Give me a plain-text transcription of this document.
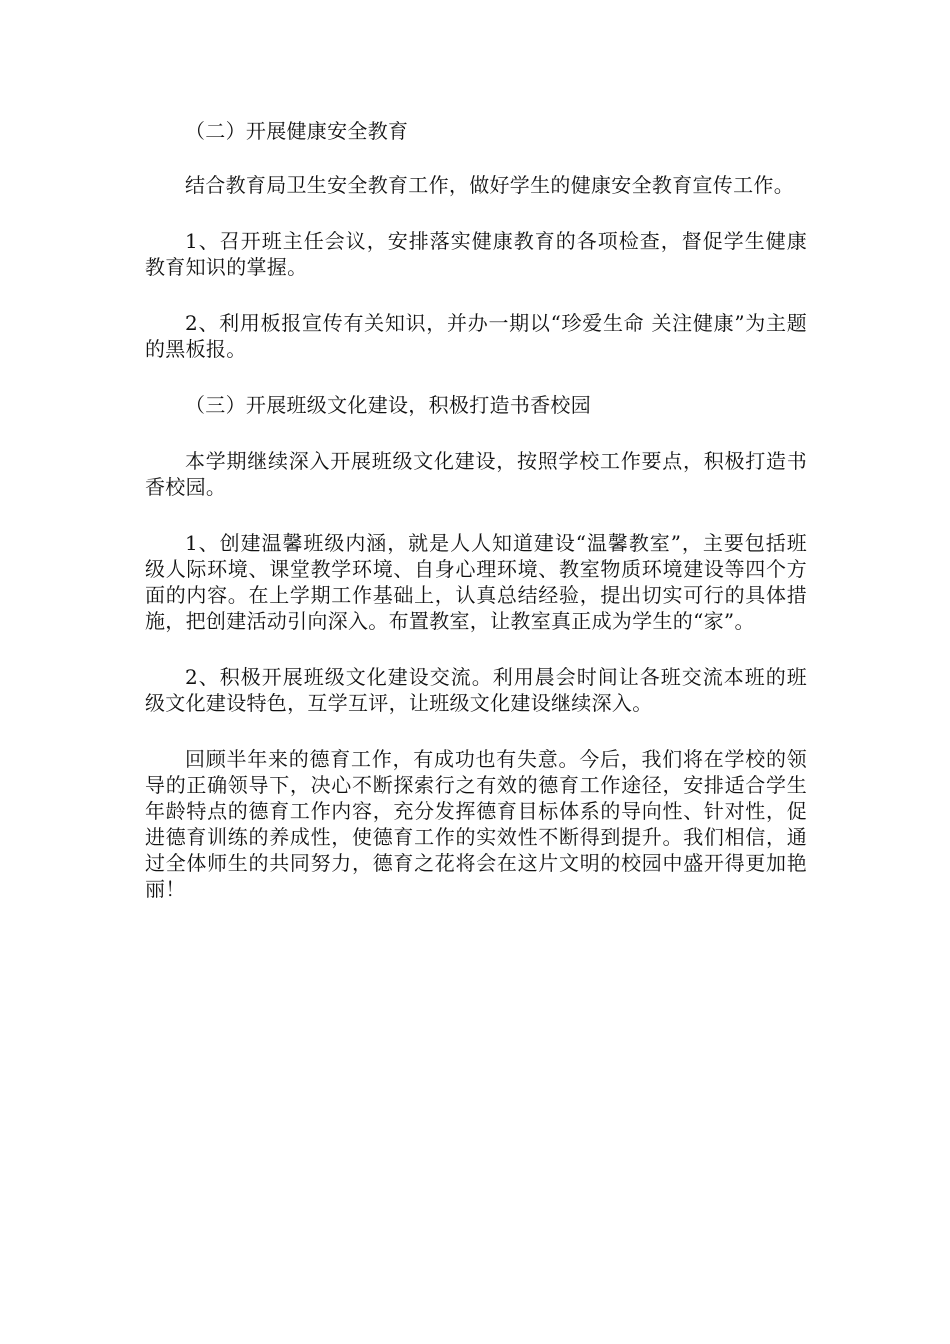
（二）开展健康安全教育

结合教育局卫生安全教育工作，做好学生的健康安全教育宣传工作。

1、召开班主任会议，安排落实健康教育的各项检查，督促学生健康教育知识的掌握。

2、利用板报宣传有关知识，并办一期以“珍爱生命 关注健康”为主题的黑板报。

（三）开展班级文化建设，积极打造书香校园

本学期继续深入开展班级文化建设，按照学校工作要点，积极打造书香校园。

1、创建温馨班级内涵，就是人人知道建设“温馨教室”，主要包括班级人际环境、课堂教学环境、自身心理环境、教室物质环境建设等四个方面的内容。在上学期工作基础上，认真总结经验，提出切实可行的具体措施，把创建活动引向深入。布置教室，让教室真正成为学生的“家”。

2、积极开展班级文化建设交流。利用晨会时间让各班交流本班的班级文化建设特色，互学互评，让班级文化建设继续深入。

回顾半年来的德育工作，有成功也有失意。今后，我们将在学校的领导的正确领导下，决心不断探索行之有效的德育工作途径，安排适合学生年龄特点的德育工作内容，充分发挥德育目标体系的导向性、针对性，促进德育训练的养成性，使德育工作的实效性不断得到提升。我们相信，通过全体师生的共同努力，德育之花将会在这片文明的校园中盛开得更加艳丽！
